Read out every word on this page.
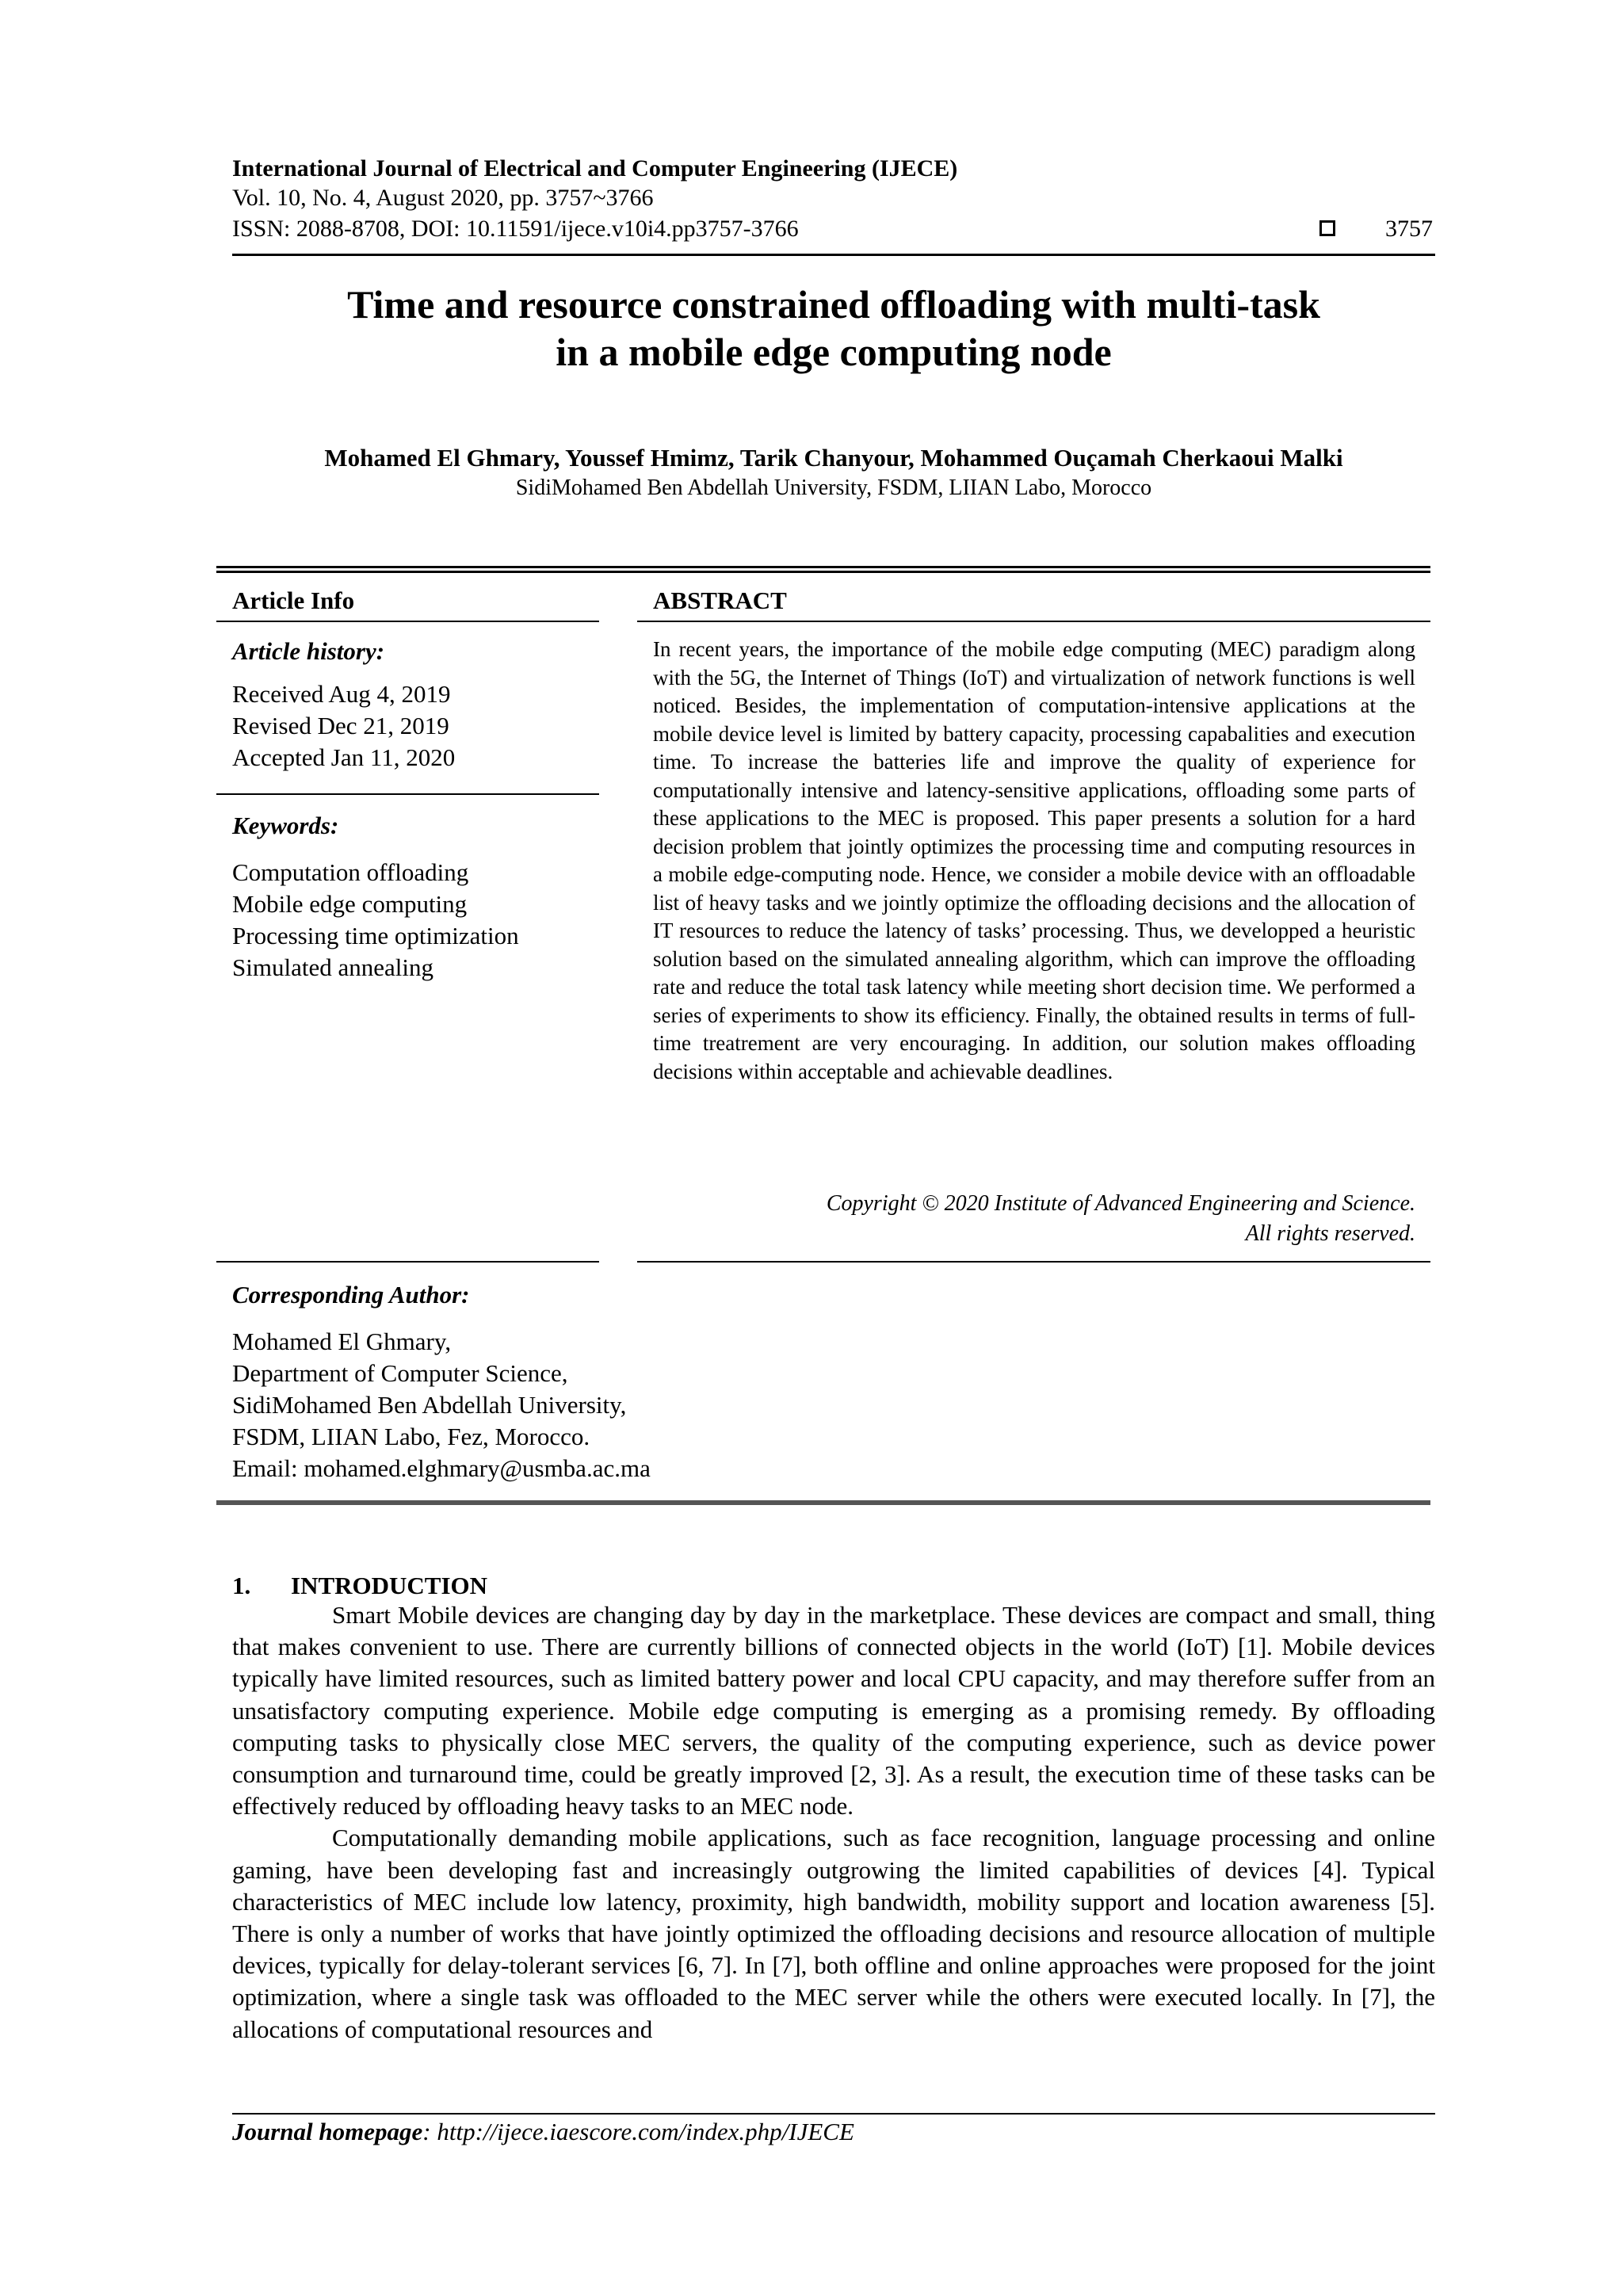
International Journal of Electrical and Computer Engineering (IJECE)
Vol. 10, No. 4, August 2020, pp. 3757~3766
ISSN: 2088-8708, DOI: 10.11591/ijece.v10i4.pp3757-3766	3757
Time and resource constrained offloading with multi-task
in a mobile edge computing node
Mohamed El Ghmary, Youssef Hmimz, Tarik Chanyour, Mohammed Ouçamah Cherkaoui Malki
SidiMohamed Ben Abdellah University, FSDM, LIIAN Labo, Morocco
Article Info
Article history:
Received Aug 4, 2019
Revised Dec 21, 2019
Accepted Jan 11, 2020
Keywords:
Computation offloading
Mobile edge computing
Processing time optimization
Simulated annealing
ABSTRACT
In recent years, the importance of the mobile edge computing (MEC) paradigm along with the 5G, the Internet of Things (IoT) and virtualization of network functions is well noticed. Besides, the implementation of computation-intensive applications at the mobile device level is limited by battery capacity, processing capabalities and execution time. To increase the batteries life and improve the quality of experience for computationally intensive and latency-sensitive applications, offloading some parts of these applications to the MEC is proposed. This paper presents a solution for a hard decision problem that jointly optimizes the processing time and computing resources in a mobile edge-computing node. Hence, we consider a mobile device with an offloadable list of heavy tasks and we jointly optimize the offloading decisions and the allocation of IT resources to reduce the latency of tasks’ processing. Thus, we developped a heuristic solution based on the simulated annealing algorithm, which can improve the offloading rate and reduce the total task latency while meeting short decision time. We performed a series of experiments to show its efficiency. Finally, the obtained results in terms of full-time treatrement are very encouraging. In addition, our solution makes offloading decisions within acceptable and achievable deadlines.
Copyright © 2020 Institute of Advanced Engineering and Science.
All rights reserved.
Corresponding Author:
Mohamed El Ghmary,
Department of Computer Science,
SidiMohamed Ben Abdellah University,
FSDM, LIIAN Labo, Fez, Morocco.
Email: mohamed.elghmary@usmba.ac.ma
1. INTRODUCTION

Smart Mobile devices are changing day by day in the marketplace. These devices are compact and small, thing that makes convenient to use. There are currently billions of connected objects in the world (IoT) [1]. Mobile devices typically have limited resources, such as limited battery power and local CPU capacity, and may therefore suffer from an unsatisfactory computing experience. Mobile edge computing is emerging as a promising remedy. By offloading computing tasks to physically close MEC servers, the quality of the computing experience, such as device power consumption and turnaround time, could be greatly improved [2, 3]. As a result, the execution time of these tasks can be effectively reduced by offloading heavy tasks to an MEC node.

Computationally demanding mobile applications, such as face recognition, language processing and online gaming, have been developing fast and increasingly outgrowing the limited capabilities of devices [4]. Typical characteristics of MEC include low latency, proximity, high bandwidth, mobility support and location awareness [5]. There is only a number of works that have jointly optimized the offloading decisions and resource allocation of multiple devices, typically for delay-tolerant services [6, 7]. In [7], both offline and online approaches were proposed for the joint optimization, where a single task was offloaded to the MEC server while the others were executed locally. In [7], the allocations of computational resources and

Journal homepage: http://ijece.iaescore.com/index.php/IJECE
